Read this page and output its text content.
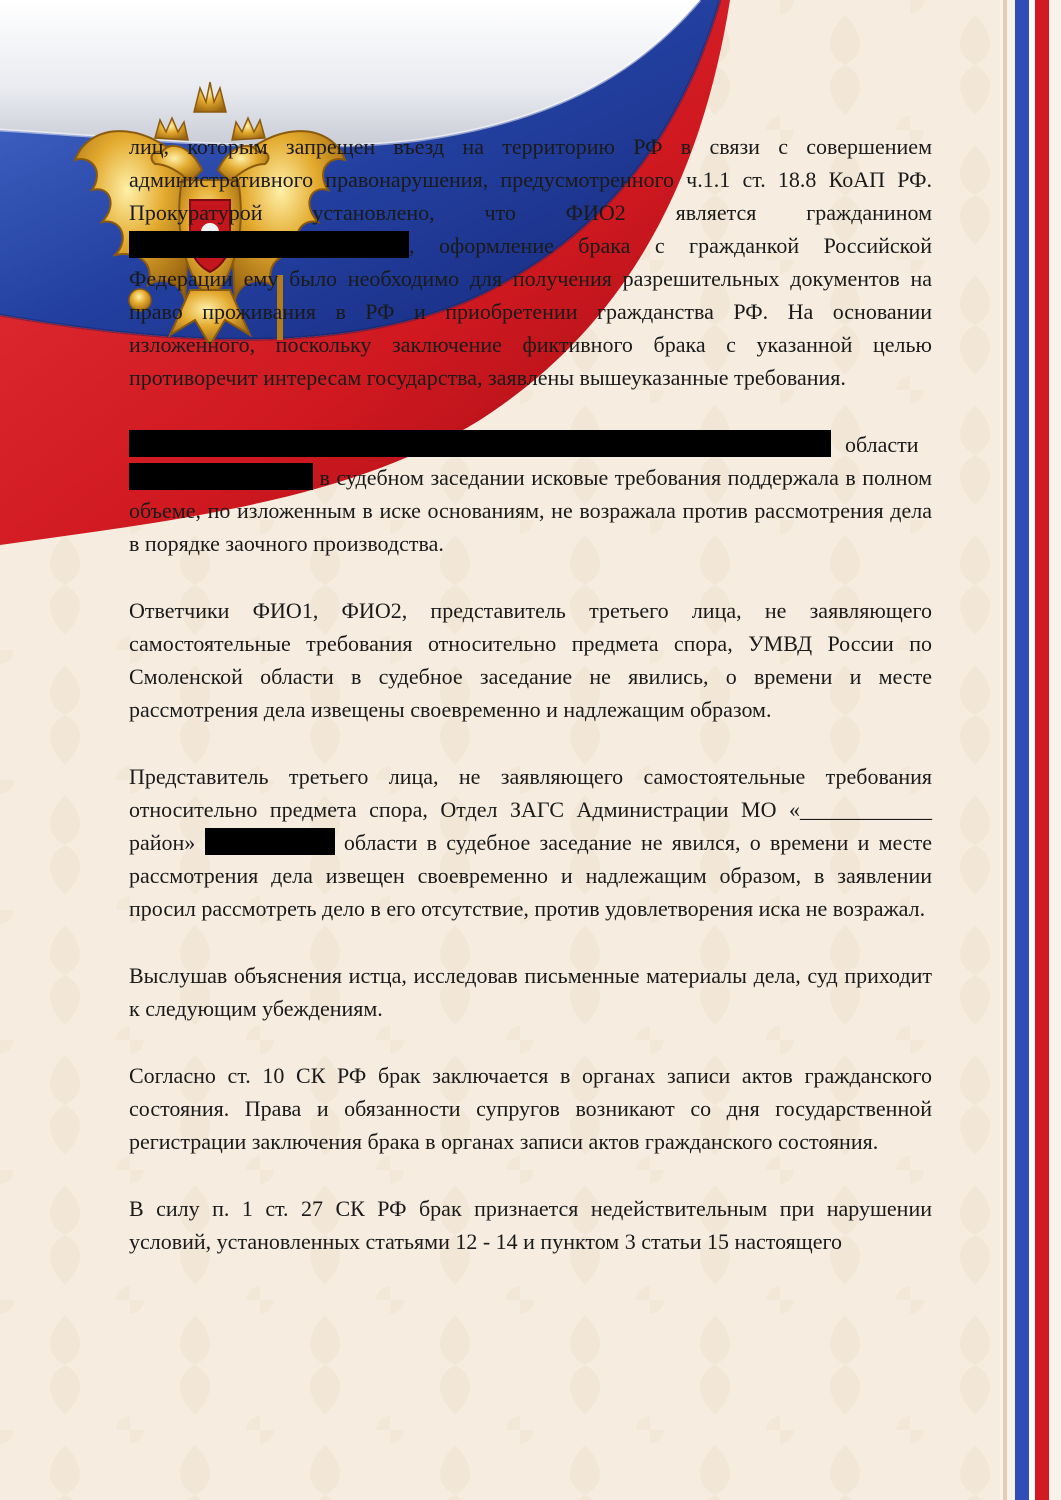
лиц, которым запрещен въезд на территорию РФ в связи с совершением административного правонарушения, предусмотренного ч.1.1 ст. 18.8 КоАП РФ. Прокуратурой установлено, что ФИО2 является гражданином , оформление брака с гражданкой Российской Федерации ему было необходимо для получения разрешительных документов на право проживания в РФ и приобретении гражданства РФ. На основании изложенного, поскольку заключение фиктивного брака с указанной целью противоречит интересам государства, заявлены вышеуказанные требования.

области  в судебном заседании исковые требования поддержала в полном объеме, по изложенным в иске основаниям, не возражала против рассмотрения дела в порядке заочного производства.

Ответчики ФИО1, ФИО2, представитель третьего лица, не заявляющего самостоятельные требования относительно предмета спора, УМВД России по Смоленской области в судебное заседание не явились, о времени и месте рассмотрения дела извещены своевременно и надлежащим образом.

Представитель третьего лица, не заявляющего самостоятельные требования относительно предмета спора, Отдел ЗАГС Администрации МО «____________ район»	области в судебное заседание не явился, о времени и месте рассмотрения дела извещен своевременно и надлежащим образом, в заявлении просил рассмотреть дело в его отсутствие, против удовлетворения иска не возражал.

Выслушав объяснения истца, исследовав письменные материалы дела, суд приходит к следующим убеждениям.

Согласно ст. 10 СК РФ брак заключается в органах записи актов гражданского состояния. Права и обязанности супругов возникают со дня государственной регистрации заключения брака в органах записи актов гражданского состояния.

В силу п. 1 ст. 27 СК РФ брак признается недействительным при нарушении условий, установленных статьями 12 - 14 и пунктом 3 статьи 15 настоящего
